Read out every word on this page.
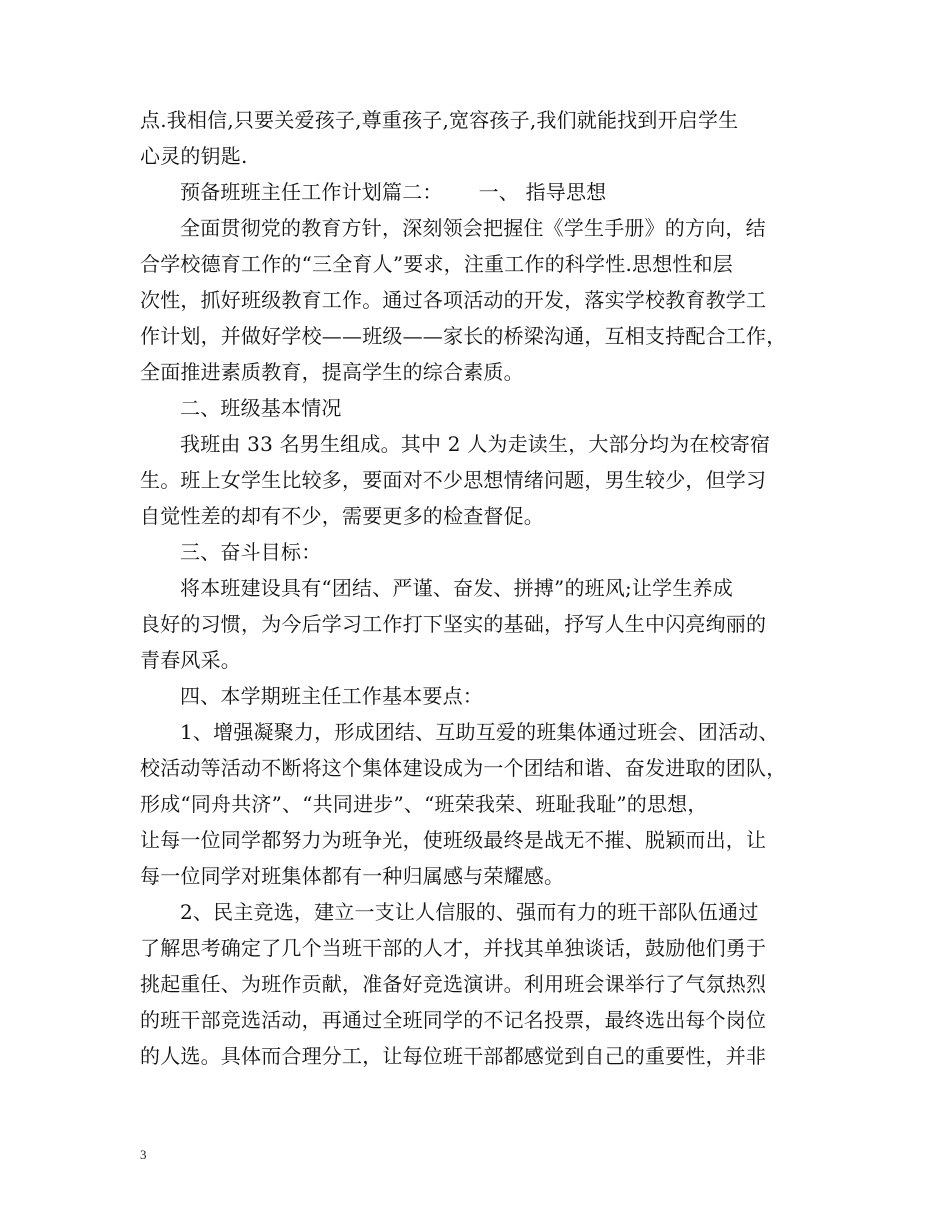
点.我相信,只要关爱孩子,尊重孩子,宽容孩子,我们就能找到开启学生
心灵的钥匙.
预备班班主任工作计划篇二： 一、 指导思想
全面贯彻党的教育方针，深刻领会把握住《学生手册》的方向，结
合学校德育工作的“三全育人”要求，注重工作的科学性.思想性和层
次性，抓好班级教育工作。通过各项活动的开发，落实学校教育教学工
作计划，并做好学校——班级——家长的桥梁沟通，互相支持配合工作，
全面推进素质教育，提高学生的综合素质。
二、班级基本情况
我班由 33 名男生组成。其中 2 人为走读生，大部分均为在校寄宿
生。班上女学生比较多，要面对不少思想情绪问题，男生较少，但学习
自觉性差的却有不少，需要更多的检查督促。
三、奋斗目标：
将本班建设具有“团结、严谨、奋发、拼搏”的班风;让学生养成
良好的习惯，为今后学习工作打下坚实的基础，抒写人生中闪亮绚丽的
青春风采。
四、本学期班主任工作基本要点：
1、增强凝聚力，形成团结、互助互爱的班集体通过班会、团活动、
校活动等活动不断将这个集体建设成为一个团结和谐、奋发进取的团队，
形成“同舟共济”、“共同进步”、“班荣我荣、班耻我耻”的思想，
让每一位同学都努力为班争光，使班级最终是战无不摧、脱颖而出，让
每一位同学对班集体都有一种归属感与荣耀感。
2、民主竞选，建立一支让人信服的、强而有力的班干部队伍通过
了解思考确定了几个当班干部的人才，并找其单独谈话，鼓励他们勇于
挑起重任、为班作贡献，准备好竞选演讲。利用班会课举行了气氛热烈
的班干部竞选活动，再通过全班同学的不记名投票，最终选出每个岗位
的人选。具体而合理分工，让每位班干部都感觉到自己的重要性，并非
3
